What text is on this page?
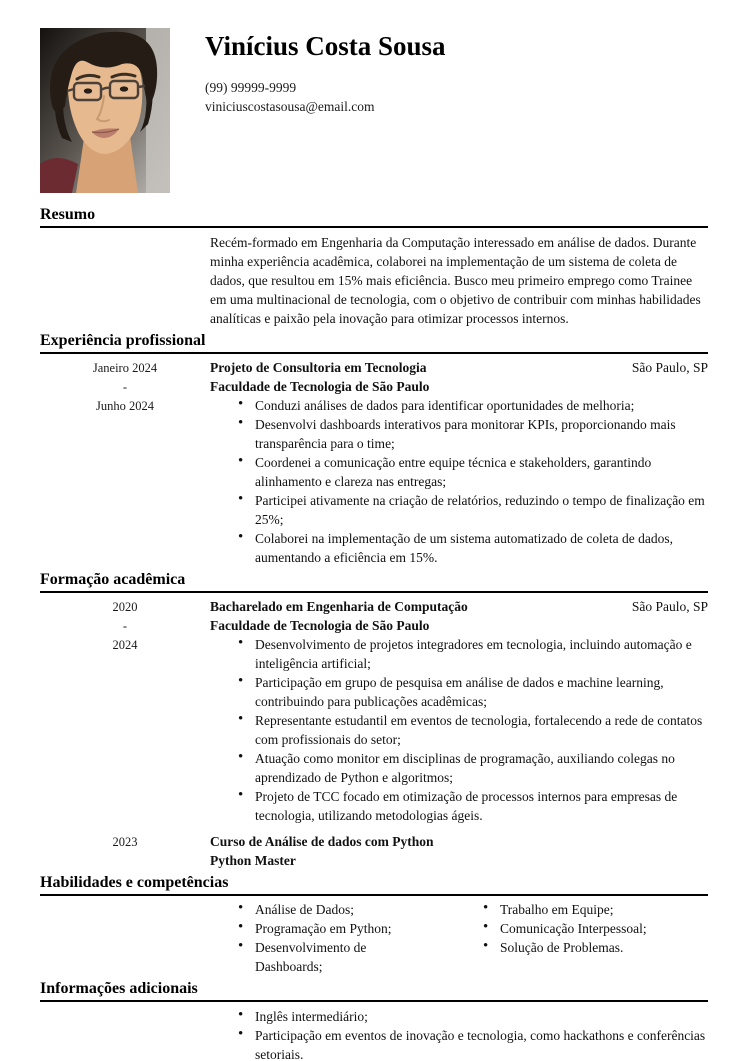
Vinícius Costa Sousa
(99) 99999-9999
viniciuscostasousa@email.com
Resumo

Recém-formado em Engenharia da Computação interessado em análise de dados. Durante minha experiência acadêmica, colaborei na implementação de um sistema de coleta de dados, que resultou em 15% mais eficiência. Busco meu primeiro emprego como Trainee em uma multinacional de tecnologia, com o objetivo de contribuir com minhas habilidades analíticas e paixão pela inovação para otimizar processos internos.

Experiência profissional
Janeiro 2024
-
Junho 2024
Projeto de Consultoria em Tecnologia	São Paulo, SP
Faculdade de Tecnologia de São Paulo
• Conduzi análises de dados para identificar oportunidades de melhoria;
• Desenvolvi dashboards interativos para monitorar KPIs, proporcionando mais transparência para o time;
• Coordenei a comunicação entre equipe técnica e stakeholders, garantindo alinhamento e clareza nas entregas;
• Participei ativamente na criação de relatórios, reduzindo o tempo de finalização em 25%;
• Colaborei na implementação de um sistema automatizado de coleta de dados, aumentando a eficiência em 15%.
Formação acadêmica
2020
-
2024
Bacharelado em Engenharia de Computação	São Paulo, SP
Faculdade de Tecnologia de São Paulo
• Desenvolvimento de projetos integradores em tecnologia, incluindo automação e inteligência artificial;
• Participação em grupo de pesquisa em análise de dados e machine learning, contribuindo para publicações acadêmicas;
• Representante estudantil em eventos de tecnologia, fortalecendo a rede de contatos com profissionais do setor;
• Atuação como monitor em disciplinas de programação, auxiliando colegas no aprendizado de Python e algoritmos;
• Projeto de TCC focado em otimização de processos internos para empresas de tecnologia, utilizando metodologias ágeis.
2023	Curso de Análise de dados com Python
Python Master
Habilidades e competências
• Análise de Dados;
• Programação em Python;
• Desenvolvimento de Dashboards;
• Trabalho em Equipe;
• Comunicação Interpessoal;
• Solução de Problemas.
Informações adicionais
• Inglês intermediário;
• Participação em eventos de inovação e tecnologia, como hackathons e conferências setoriais.
